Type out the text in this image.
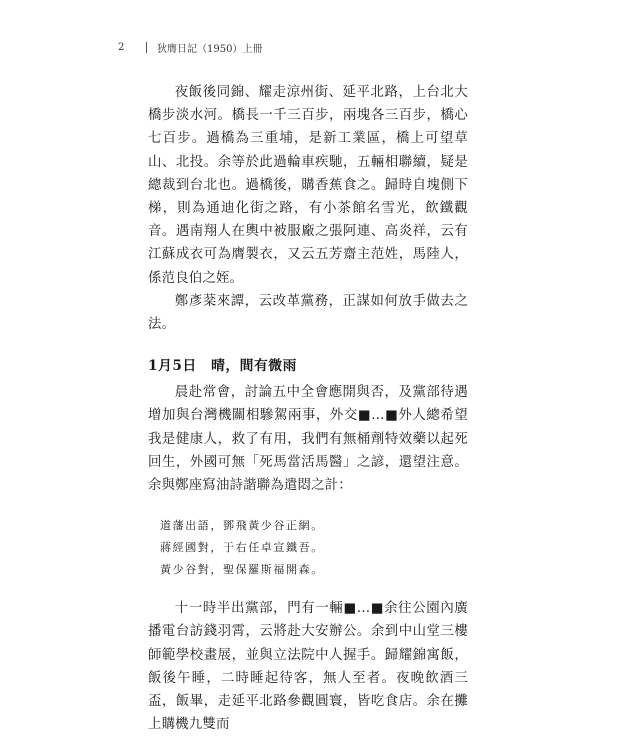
2	狄膺日記（1950）上冊

夜飯後同錦、耀走涼州街、延平北路，上台北大橋步淡水河。橋長一千三百步，兩塊各三百步，橋心七百步。過橋為三重埔，是新工業區，橋上可望草山、北投。余等於此過輪車疾馳，五輛相聯續，疑是總裁到台北也。過橋後，購香蕉食之。歸時自塊側下梯，則為通迪化街之路，有小茶館名雪光，飲鐵觀音。遇南翔人在輿中被服廠之張阿連、高炎祥，云有江蘇成衣可為膺製衣，又云五芳齋主范姓，馬陸人，係范良伯之姪。

鄭彥棻來譚，云改革黨務，正謀如何放手做去之法。

1月5日　晴，間有微雨

晨赴常會，討論五中全會應開與否，及黨部待遇增加與台灣機關相驂駕兩事，外交■…■外人總希望我是健康人，救了有用，我們有無桶劑特效藥以起死回生，外國可無「死馬當活馬醫」之諺，還望注意。余與鄭座寫油詩諧聯為遣悶之計：

道藩出語，鄧飛黃少谷正網。
蔣經國對，于右任卓宣鐵吾。
黃少谷對，聖保羅斯福開森。

十一時半出黨部，門有一輛■…■余往公園內廣播電台訪錢羽霄，云將赴大安辦公。余到中山堂三樓師範學校畫展，並與立法院中人握手。歸耀錦寓飯，飯後午睡，二時睡起待客，無人至者。夜晚飲酒三盃，飯畢，走延平北路參觀圓寰，皆吃食店。余在攤上購機九雙而
